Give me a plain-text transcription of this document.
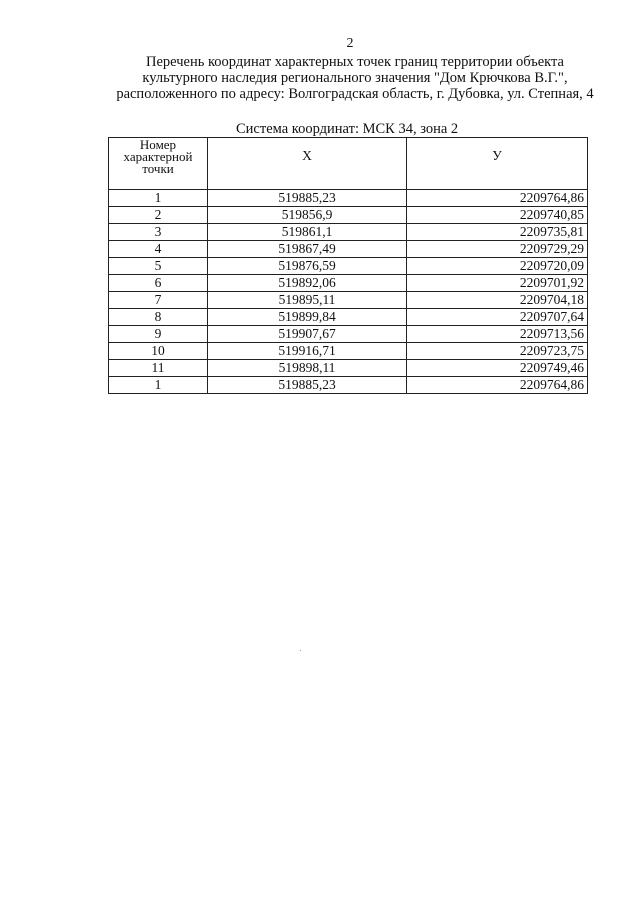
2
Перечень координат характерных точек границ территории объекта
культурного наследия регионального значения "Дом Крючкова В.Г.",
расположенного по адресу: Волгоградская область, г. Дубовка, ул. Степная, 4
Система координат: МСК 34, зона 2
Номер
характерной
точки	X	У
1	519885,23	2209764,86
2	519856,9	2209740,85
3	519861,1	2209735,81
4	519867,49	2209729,29
5	519876,59	2209720,09
6	519892,06	2209701,92
7	519895,11	2209704,18
8	519899,84	2209707,64
9	519907,67	2209713,56
10	519916,71	2209723,75
11	519898,11	2209749,46
1	519885,23	2209764,86
